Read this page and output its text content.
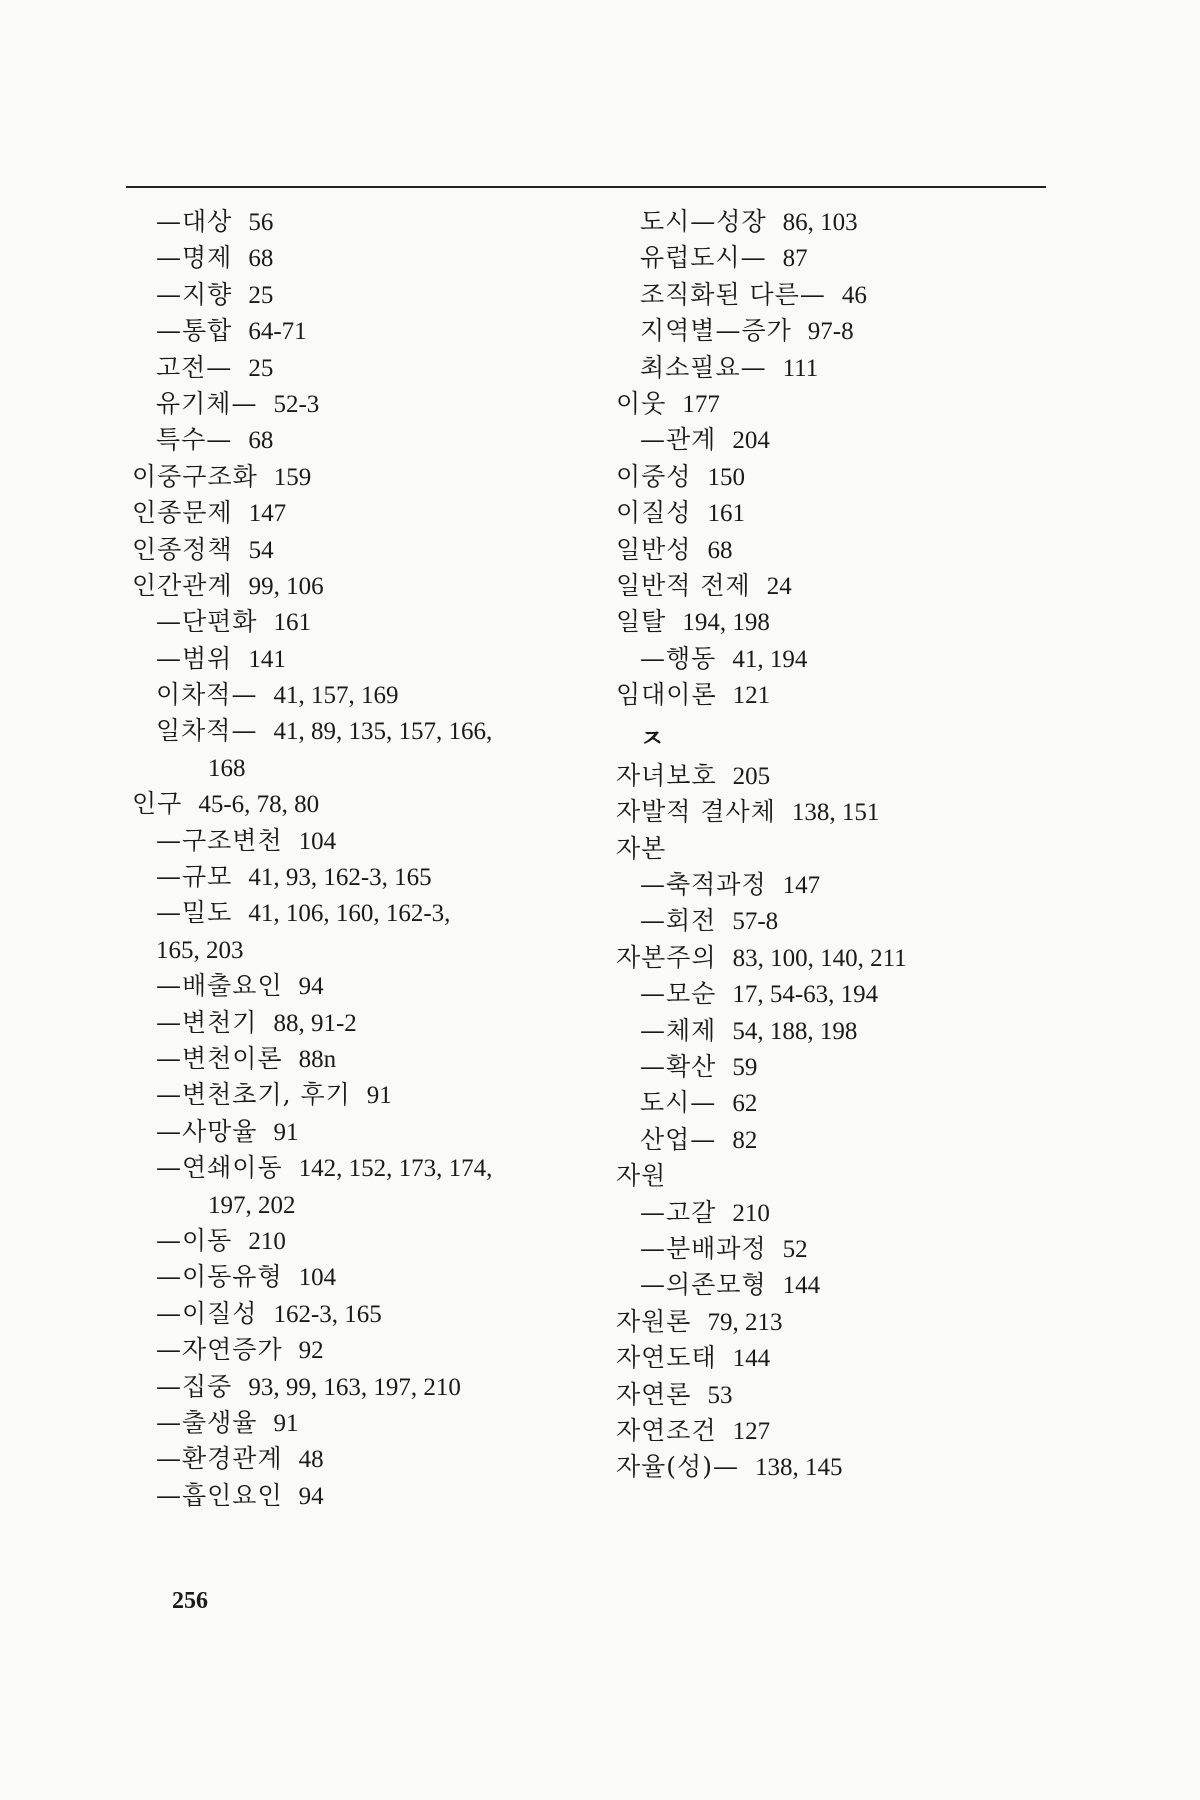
—대상 56
—명제 68
—지향 25
—통합 64-71
고전— 25
유기체— 52-3
특수— 68
이중구조화 159
인종문제 147
인종정책 54
인간관계 99, 106
—단편화 161
—범위 141
이차적— 41, 157, 169
일차적— 41, 89, 135, 157, 166,
168
인구 45-6, 78, 80
—구조변천 104
—규모 41, 93, 162-3, 165
—밀도 41, 106, 160, 162-3,
165, 203
—배출요인 94
—변천기 88, 91-2
—변천이론 88n
—변천초기, 후기 91
—사망율 91
—연쇄이동 142, 152, 173, 174,
197, 202
—이동 210
—이동유형 104
—이질성 162-3, 165
—자연증가 92
—집중 93, 99, 163, 197, 210
—출생율 91
—환경관계 48
—흡인요인 94
도시—성장 86, 103
유럽도시— 87
조직화된 다른— 46
지역별—증가 97-8
최소필요— 111
이웃 177
—관계 204
이중성 150
이질성 161
일반성 68
일반적 전제 24
일탈 194, 198
—행동 41, 194
임대이론 121
ㅈ
자녀보호 205
자발적 결사체 138, 151
자본
—축적과정 147
—회전 57-8
자본주의 83, 100, 140, 211
—모순 17, 54-63, 194
—체제 54, 188, 198
—확산 59
도시— 62
산업— 82
자원
—고갈 210
—분배과정 52
—의존모형 144
자원론 79, 213
자연도태 144
자연론 53
자연조건 127
자율(성)— 138, 145
256
